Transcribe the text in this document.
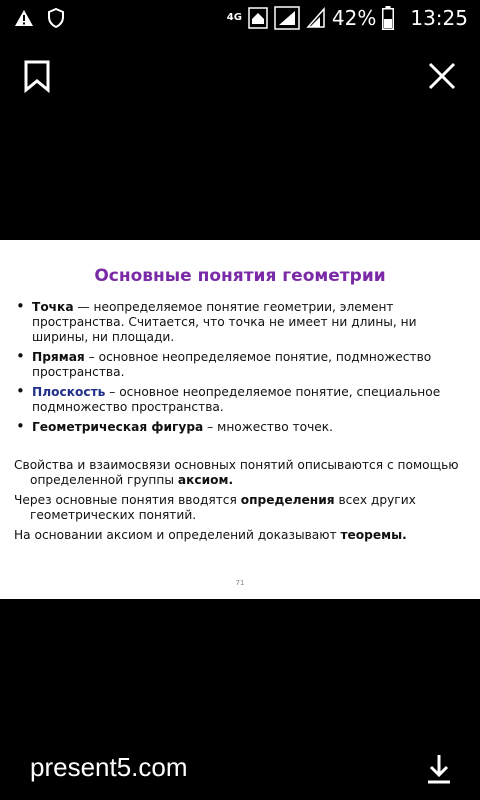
4G	42% 13:25
Основные понятия геометрии
• Точка — неопределяемое понятие геометрии, элемент пространства. Считается, что точка не имеет ни длины, ни ширины, ни площади.
• Прямая – основное неопределяемое понятие, подмножество пространства.
• Плоскость – основное неопределяемое понятие, специальное подмножество пространства.
• Геометрическая фигура – множество точек.
Свойства и взаимосвязи основных понятий описываются с помощью определенной группы аксиом.
Через основные понятия вводятся определения всех других геометрических понятий.
На основании аксиом и определений доказывают теоремы.
71
present5.com
